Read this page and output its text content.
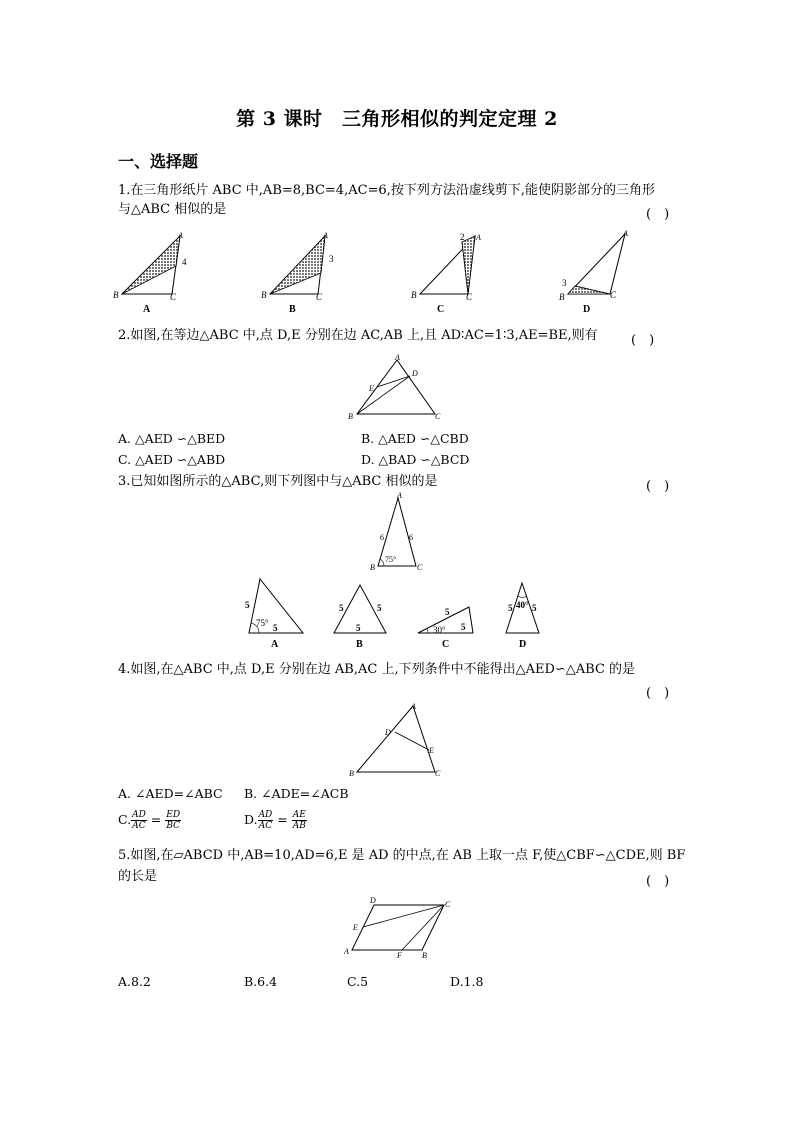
第 3 课时　三角形相似的判定定理 2
一、选择题
1.在三角形纸片 ABC 中,AB=8,BC=4,AC=6,按下列方法沿虚线剪下,能使阴影部分的三角形
与△ABC 相似的是	(　)
4
B	C
A
A
3
B	C
A
B
2
B	C
A
C
3
B	C
A
D
2.如图,在等边△ABC 中,点 D,E 分别在边 AC,AB 上,且 AD∶AC=1∶3,AE=BE,则有	(　)
A
B	C
D
E
A. △AED ∽△BED	B. △AED ∽△CBD
C. △AED ∽△ABD	D. △BAD ∽△BCD
3.已知如图所示的△ABC,则下列图中与△ABC 相似的是	(　)
A
B	C
6	6
75°
5
5
75°
A
5	5
5
B
5
5
30°
C
5 5
40°
D
4.如图,在△ABC 中,点 D,E 分别在边 AB,AC 上,下列条件中不能得出△AED∽△ABC 的是
(　)
A
B	C
D
E
A. ∠AED=∠ABC B. ∠ADE=∠ACB
C. $\frac{AD}{AC} = \frac{ED}{BC}$	D. $\frac{AD}{AC} = \frac{AE}{AB}$
5.如图,在▱ABCD 中,AB=10,AD=6,E 是 AD 的中点,在 AB 上取一点 F,使△CBF∽△CDE,则 BF
的长是	(　)
A	B
C
D
E
F
A.8.2	B.6.4	C.5	D.1.8
